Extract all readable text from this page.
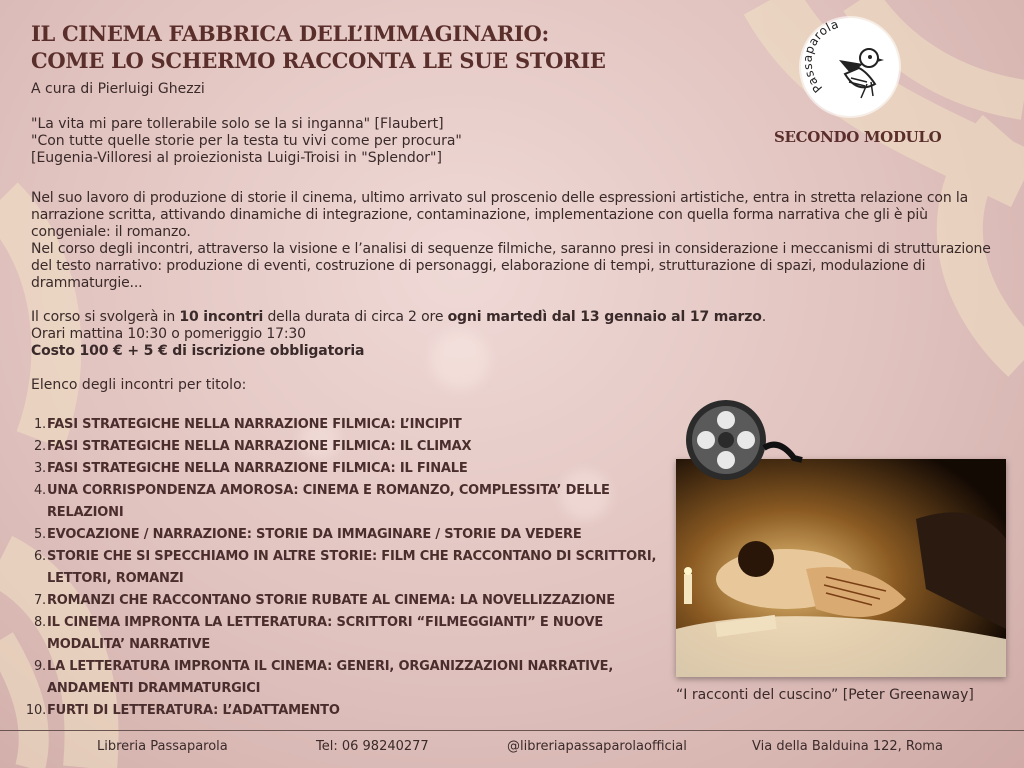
IL CINEMA FABBRICA DELL’IMMAGINARIO:
COME LO SCHERMO RACCONTA LE SUE STORIE
A cura di Pierluigi Ghezzi
"La vita mi pare tollerabile solo se la si inganna" [Flaubert]
"Con tutte quelle storie per la testa tu vivi come per procura"
[Eugenia-Villoresi al proiezionista Luigi-Troisi in "Splendor"]
Passaparola
SECONDO MODULO

Nel suo lavoro di produzione di storie il cinema, ultimo arrivato sul proscenio delle espressioni artistiche, entra in stretta relazione con la narrazione scritta, attivando dinamiche di integrazione, contaminazione, implementazione con quella forma narrativa che gli è più congeniale: il romanzo.

Nel corso degli incontri, attraverso la visione e l’analisi di sequenze filmiche, saranno presi in considerazione i meccanismi di strutturazione del testo narrativo: produzione di eventi, costruzione di personaggi, elaborazione di tempi, strutturazione di spazi, modulazione di drammaturgie...

Il corso si svolgerà in 10 incontri della durata di circa 2 ore ogni martedì dal 13 gennaio al 17 marzo.
Orari mattina 10:30 o pomeriggio 17:30
Costo 100 € + 5 € di iscrizione obbligatoria
Elenco degli incontri per titolo:
1. FASI STRATEGICHE NELLA NARRAZIONE FILMICA: L’INCIPIT
2. FASI STRATEGICHE NELLA NARRAZIONE FILMICA: IL CLIMAX
3. FASI STRATEGICHE NELLA NARRAZIONE FILMICA: IL FINALE
4. UNA CORRISPONDENZA AMOROSA: CINEMA E ROMANZO, COMPLESSITA’ DELLE RELAZIONI
5. EVOCAZIONE / NARRAZIONE: STORIE DA IMMAGINARE / STORIE DA VEDERE
6. STORIE CHE SI SPECCHIAMO IN ALTRE STORIE: FILM CHE RACCONTANO DI SCRITTORI, LETTORI, ROMANZI
7. ROMANZI CHE RACCONTANO STORIE RUBATE AL CINEMA: LA NOVELLIZZAZIONE
8. IL CINEMA IMPRONTA LA LETTERATURA: SCRITTORI “FILMEGGIANTI” E NUOVE MODALITA’ NARRATIVE
9. LA LETTERATURA IMPRONTA IL CINEMA: GENERI, ORGANIZZAZIONI NARRATIVE, ANDAMENTI DRAMMATURGICI
10. FURTI DI LETTERATURA: L’ADATTAMENTO
“I racconti del cuscino” [Peter Greenaway]
Libreria Passaparola	Tel: 06 98240277	@libreriapassaparolaofficial	Via della Balduina 122, Roma
